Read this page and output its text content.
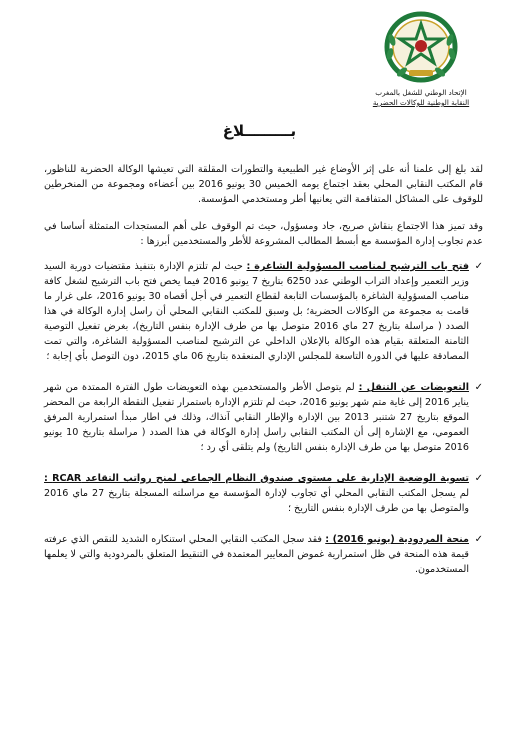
الإتحاد الوطني للشغل بالمغرب
النقابة الوطنية للوكالات الحضرية
بـــــــــلاغ

لقد بلغ إلى علمنا أنه على إثر الأوضاع غير الطبيعية والتطورات المقلقة التي تعيشها الوكالة الحضرية للناظور، قام المكتب النقابي المحلي بعقد اجتماع يومه الخميس 30 يونيو 2016 بين أعضاءه ومجموعة من المنخرطين للوقوف على المشاكل المتفاقمة التي يعانيها أطر ومستخدمي المؤسسة.

وقد تميز هذا الاجتماع بنقاش صريح، جاد ومسؤول، حيث تم الوقوف على أهم المستجدات المتمثلة أساسا في عدم تجاوب إدارة المؤسسة مع أبسط المطالب المشروعة للأطر والمستخدمين أبرزها :

✓
فتح باب الترشيح لمناصب المسؤولية الشاغرة : حيث لم تلتزم الإدارة بتنفيذ مقتضيات دورية السيد وزير التعمير وإعداد التراب الوطني عدد 6250 بتاريخ 7 يونيو 2016 فيما يخص فتح باب الترشيح لشغل كافة مناصب المسؤولية الشاغرة بالمؤسسات التابعة لقطاع التعمير في أجل أقصاه 30 يونيو 2016، على غرار ما قامت به مجموعة من الوكالات الحضرية؛ بل وسبق للمكتب النقابي المحلي أن راسل إدارة الوكالة في هذا الصدد ( مراسلة بتاريخ 27 ماي 2016 متوصل بها من طرف الإدارة بنفس التاريخ)، بغرض تفعيل التوصية الثامنة المتعلقة بقيام هذه الوكالة بالإعلان الداخلي عن الترشيح لمناصب المسؤولية الشاغرة، والتي تمت المصادقة عليها في الدورة التاسعة للمجلس الإداري المنعقدة بتاريخ 06 ماي 2015، دون التوصل بأي إجابة ؛
✓
التعويضات عن التنقل : لم يتوصل الأطر والمستخدمين بهذه التعويضات طول الفترة الممتدة من شهر يناير 2016 إلى غاية متم شهر يونيو 2016، حيث لم تلتزم الإدارة باستمرار تفعيل النقطة الرابعة من المحضر الموقع بتاريخ 27 شتنبر 2013 بين الإدارة والإطار النقابي آنذاك، وذلك في اطار مبدأ استمرارية المرفق العمومي، مع الإشارة إلى أن المكتب النقابي راسل إدارة الوكالة في هذا الصدد ( مراسلة بتاريخ 10 يونيو 2016 متوصل بها من طرف الإدارة بنفس التاريخ) ولم يتلقى أي رد ؛
✓
تسوية الوضعية الإدارية على مستوى صندوق النظام الجماعي لمنح رواتب التقاعد RCAR : لم يسجل المكتب النقابي المحلي أي تجاوب لإدارة المؤسسة مع مراسلته المسجلة بتاريخ 27 ماي 2016 والمتوصل بها من طرف الإدارة بنفس التاريخ ؛
✓
منحة المردودية (يونيو 2016) : فقد سجل المكتب النقابي المحلي استنكاره الشديد للنقص الذي عرفته قيمة هذه المنحة في ظل استمرارية غموض المعايير المعتمدة في التنقيط المتعلق بالمردودية والتي لا يعلمها المستخدمون.
